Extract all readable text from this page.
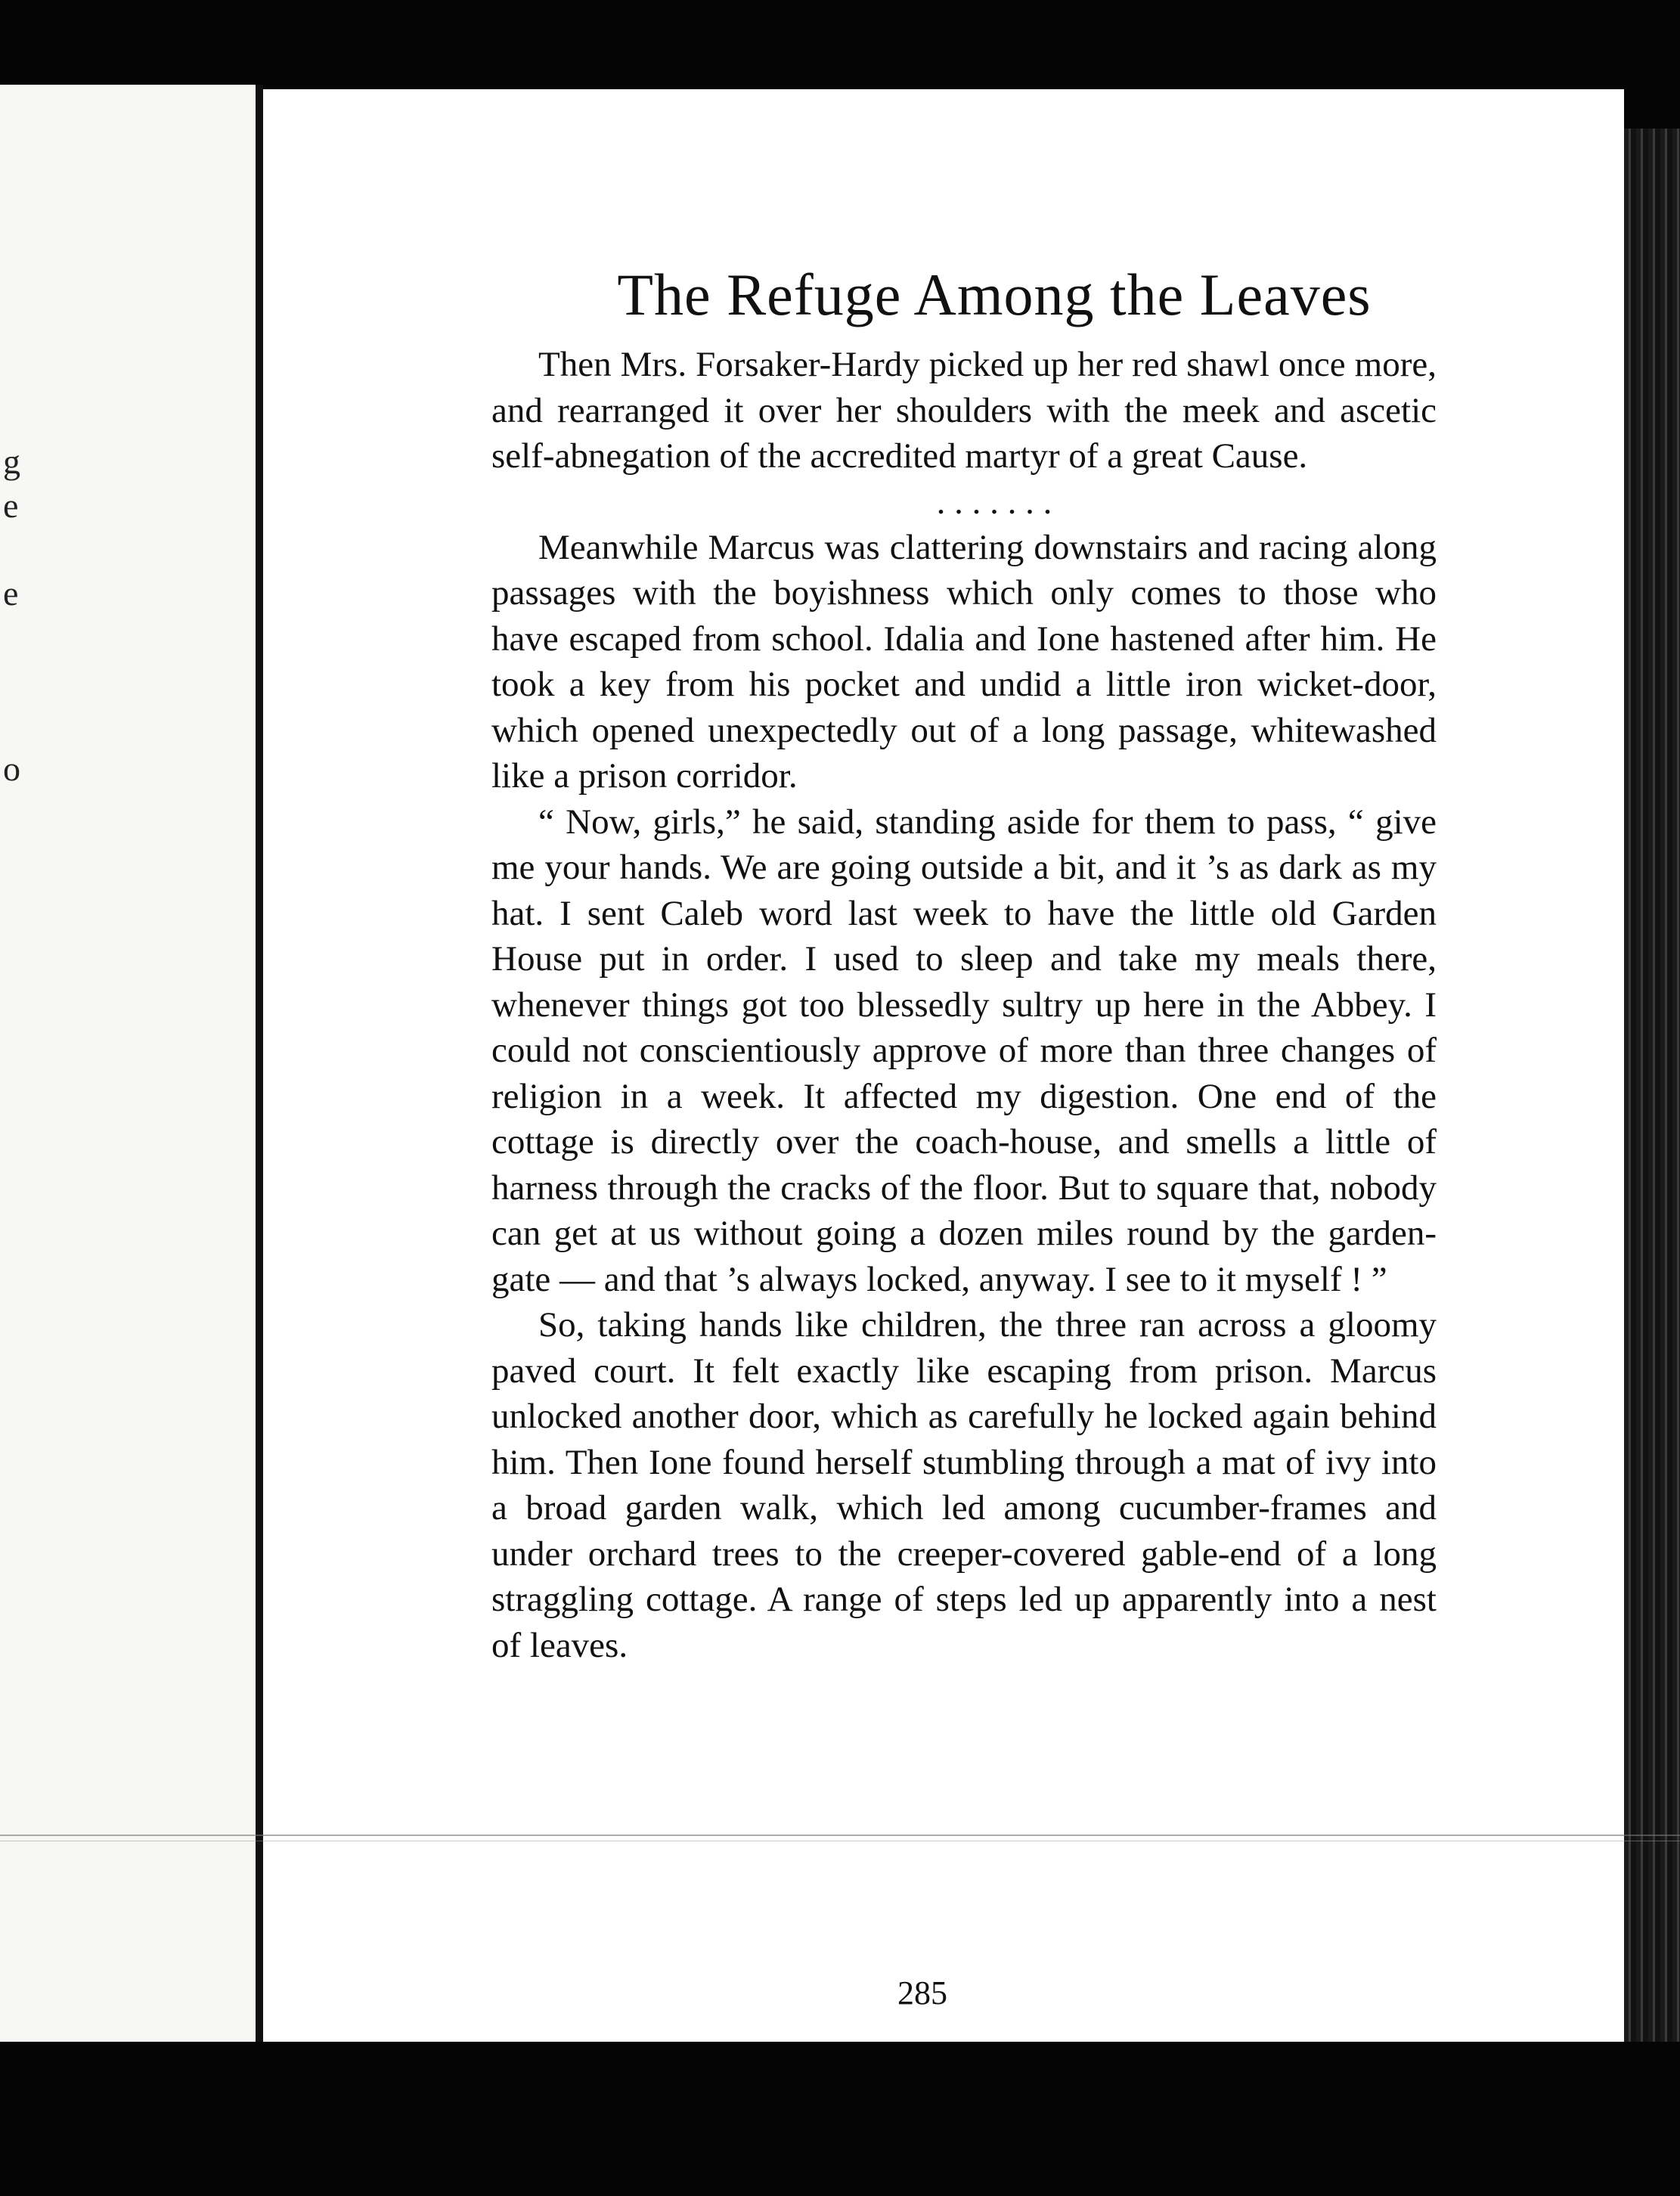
g
e

e

o

The Refuge Among the Leaves

Then Mrs. Forsaker-Hardy picked up her red shawl once more, and rearranged it over her shoulders with the meek and ascetic self-abnegation of the accredited martyr of a great Cause.

. . . . . . .

Meanwhile Marcus was clattering downstairs and racing along passages with the boyishness which only comes to those who have escaped from school. Idalia and Ione hastened after him. He took a key from his pocket and undid a little iron wicket-door, which opened unexpectedly out of a long passage, whitewashed like a prison corridor.

“ Now, girls,” he said, standing aside for them to pass, “ give me your hands. We are going outside a bit, and it ’s as dark as my hat. I sent Caleb word last week to have the little old Garden House put in order. I used to sleep and take my meals there, whenever things got too blessedly sultry up here in the Abbey. I could not conscientiously approve of more than three changes of religion in a week. It affected my digestion. One end of the cottage is directly over the coach-house, and smells a little of harness through the cracks of the floor. But to square that, nobody can get at us without going a dozen miles round by the garden-gate — and that ’s always locked, anyway. I see to it myself ! ”

So, taking hands like children, the three ran across a gloomy paved court. It felt exactly like escaping from prison. Marcus unlocked another door, which as carefully he locked again behind him. Then Ione found herself stumbling through a mat of ivy into a broad garden walk, which led among cucumber-frames and under orchard trees to the creeper-covered gable-end of a long straggling cottage. A range of steps led up apparently into a nest of leaves.

285
